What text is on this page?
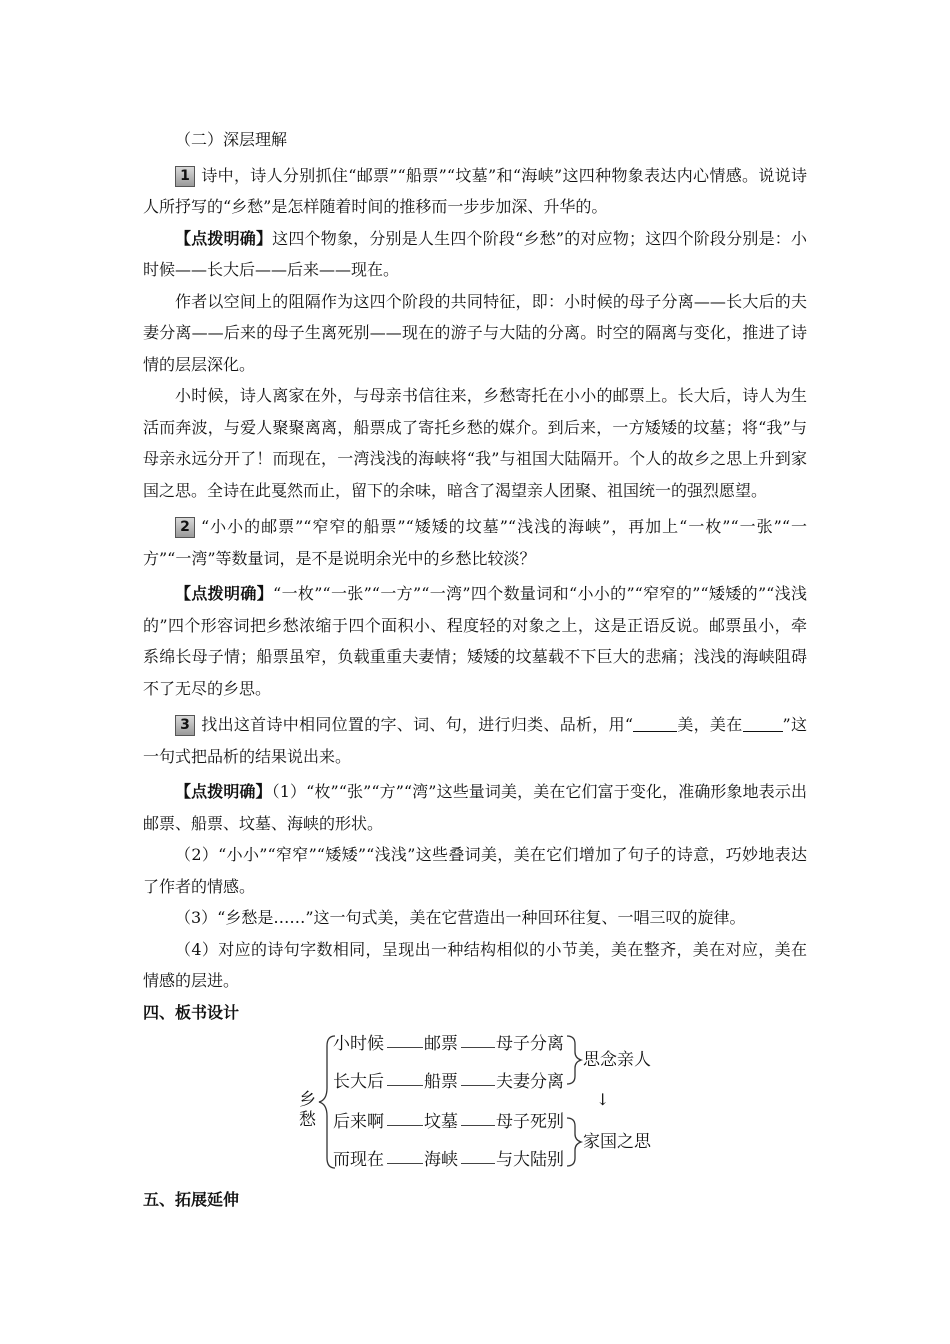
（二）深层理解

1 诗中，诗人分别抓住“邮票”“船票”“坟墓”和“海峡”这四种物象表达内心情感。说说诗人所抒写的“乡愁”是怎样随着时间的推移而一步步加深、升华的。

【点拨明确】这四个物象，分别是人生四个阶段“乡愁”的对应物；这四个阶段分别是：小时候——长大后——后来——现在。

作者以空间上的阻隔作为这四个阶段的共同特征，即：小时候的母子分离——长大后的夫妻分离——后来的母子生离死别——现在的游子与大陆的分离。时空的隔离与变化，推进了诗情的层层深化。

小时候，诗人离家在外，与母亲书信往来，乡愁寄托在小小的邮票上。长大后，诗人为生活而奔波，与爱人聚聚离离，船票成了寄托乡愁的媒介。到后来，一方矮矮的坟墓；将“我”与母亲永远分开了！而现在，一湾浅浅的海峡将“我”与祖国大陆隔开。个人的故乡之思上升到家国之思。全诗在此戛然而止，留下的余味，暗含了渴望亲人团聚、祖国统一的强烈愿望。

2 “小小的邮票”“窄窄的船票”“矮矮的坟墓”“浅浅的海峡”，再加上“一枚”“一张”“一方”“一湾”等数量词，是不是说明余光中的乡愁比较淡？

【点拨明确】“一枚”“一张”“一方”“一湾”四个数量词和“小小的”“窄窄的”“矮矮的”“浅浅的”四个形容词把乡愁浓缩于四个面积小、程度轻的对象之上，这是正语反说。邮票虽小，牵系绵长母子情；船票虽窄，负载重重夫妻情；矮矮的坟墓载不下巨大的悲痛；浅浅的海峡阻碍不了无尽的乡思。

3 找出这首诗中相同位置的字、词、句，进行归类、品析，用“	美，美在	”这一句式把品析的结果说出来。

【点拨明确】（1）“枚”“张”“方”“湾”这些量词美，美在它们富于变化，准确形象地表示出邮票、船票、坟墓、海峡的形状。

（2）“小小”“窄窄”“矮矮”“浅浅”这些叠词美，美在它们增加了句子的诗意，巧妙地表达了作者的情感。

（3）“乡愁是……”这一句式美，美在它营造出一种回环往复、一唱三叹的旋律。

（4）对应的诗句字数相同，呈现出一种结构相似的小节美，美在整齐，美在对应，美在情感的层进。

四、板书设计

乡愁
小时候 邮票 母子分离
长大后 船票 夫妻分离
后来啊 坟墓 母子死别
而现在 海峡 与大陆别
思念亲人
↓
家国之思

五、拓展延伸
